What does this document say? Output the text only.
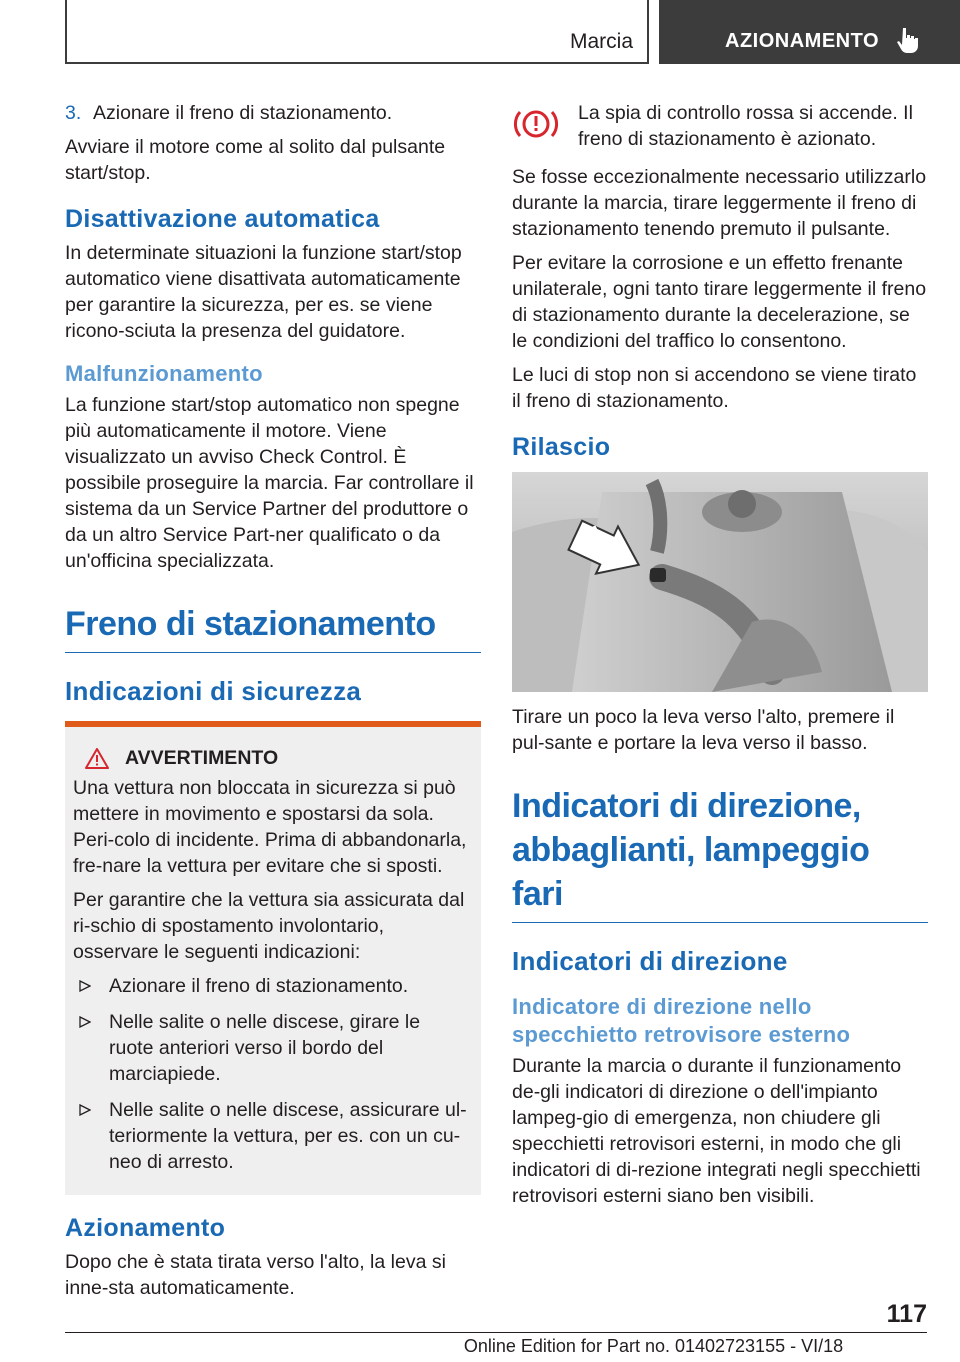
Marcia	AZIONAMENTO
3. Azionare il freno di stazionamento.

Avviare il motore come al solito dal pulsante start/stop.

Disattivazione automatica

In determinate situazioni la funzione start/stop automatico viene disattivata automaticamente per garantire la sicurezza, per es. se viene ricono-sciuta la presenza del guidatore.

Malfunzionamento

La funzione start/stop automatico non spegne più automaticamente il motore. Viene visualizzato un avviso Check Control. È possibile proseguire la marcia. Far controllare il sistema da un Service Partner del produttore o da un altro Service Part-ner qualificato o da un'officina specializzata.

Freno di stazionamento
Indicazioni di sicurezza
AVVERTIMENTO

Una vettura non bloccata in sicurezza si può mettere in movimento e spostarsi da sola. Peri-colo di incidente. Prima di abbandonarla, fre-nare la vettura per evitare che si sposti.

Per garantire che la vettura sia assicurata dal ri-schio di spostamento involontario, osservare le seguenti indicazioni:

Azionare il freno di stazionamento.
Nelle salite o nelle discese, girare le ruote anteriori verso il bordo del marciapiede.
Nelle salite o nelle discese, assicurare ul-teriormente la vettura, per es. con un cu-neo di arresto.
Azionamento

Dopo che è stata tirata verso l'alto, la leva si inne-sta automaticamente.

La spia di controllo rossa si accende. Il freno di stazionamento è azionato.

Se fosse eccezionalmente necessario utilizzarlo durante la marcia, tirare leggermente il freno di stazionamento tenendo premuto il pulsante.

Per evitare la corrosione e un effetto frenante unilaterale, ogni tanto tirare leggermente il freno di stazionamento durante la decelerazione, se le condizioni del traffico lo consentono.

Le luci di stop non si accendono se viene tirato il freno di stazionamento.

Rilascio

Tirare un poco la leva verso l'alto, premere il pul-sante e portare la leva verso il basso.

Indicatori di direzione, abbaglianti, lampeggio fari
Indicatori di direzione
Indicatore di direzione nello specchietto retrovisore esterno

Durante la marcia o durante il funzionamento de-gli indicatori di direzione o dell'impianto lampeg-gio di emergenza, non chiudere gli specchietti retrovisori esterni, in modo che gli indicatori di di-rezione integrati negli specchietti retrovisori esterni siano ben visibili.

117
Online Edition for Part no. 01402723155 - VI/18
